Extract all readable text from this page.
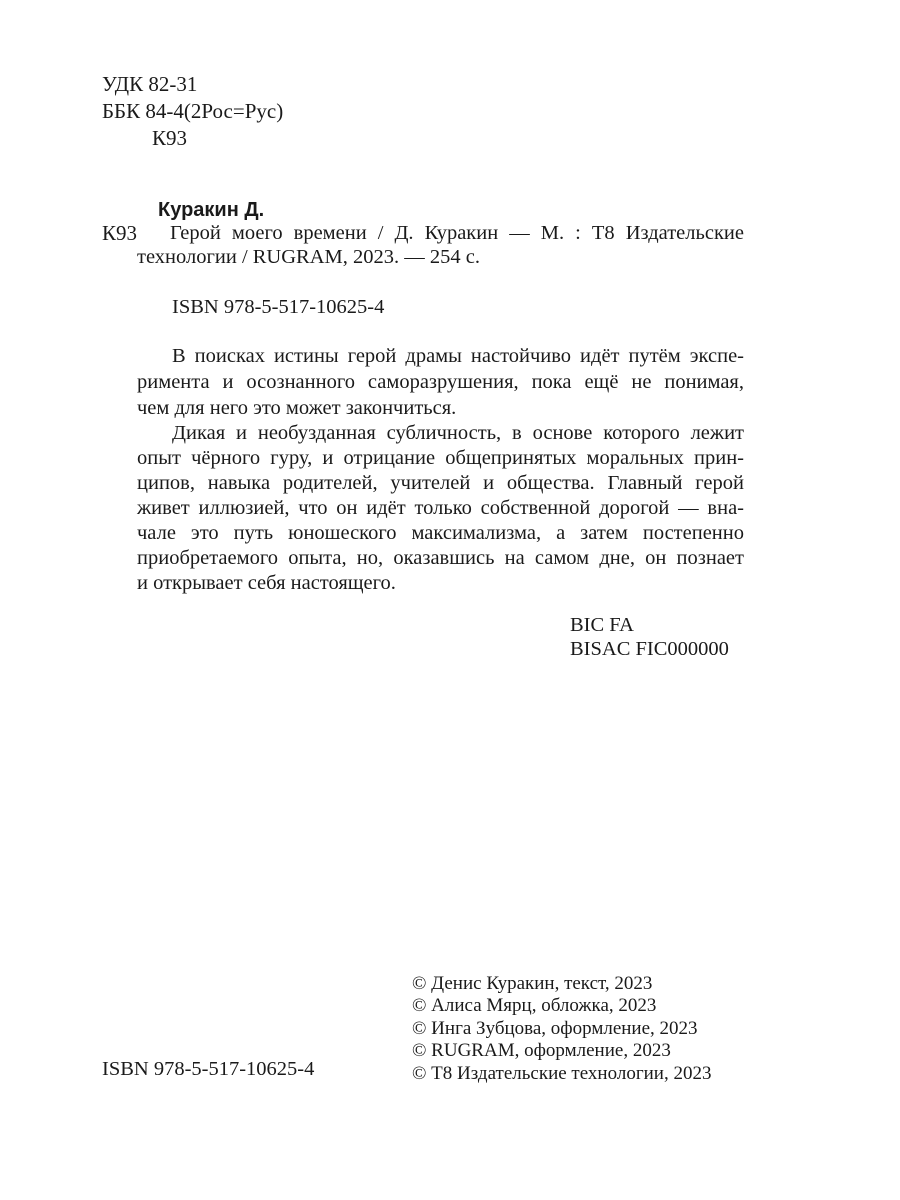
УДК 82-31
ББК 84-4(2Рос=Рус)
К93
Куракин Д.
К93 Герой моего времени / Д. Куракин — М. : Т8 Издательские
технологии / RUGRAM, 2023. — 254 с.
ISBN 978-5-517-10625-4
В поисках истины герой драмы настойчиво идёт путём экспе-
римента и осознанного саморазрушения, пока ещё не понимая,
чем для него это может закончиться.
Дикая и необузданная субличность, в основе которого лежит
опыт чёрного гуру, и отрицание общепринятых моральных прин-
ципов, навыка родителей, учителей и общества. Главный герой
живет иллюзией, что он идёт только собственной дорогой — вна-
чале это путь юношеского максимализма, а затем постепенно
приобретаемого опыта, но, оказавшись на самом дне, он познает
и открывает себя настоящего.
BIC FA
BISAC FIC000000
ISBN 978-5-517-10625-4
© Денис Куракин, текст, 2023
© Алиса Мярц, обложка, 2023
© Инга Зубцова, оформление, 2023
© RUGRAM, оформление, 2023
© Т8 Издательские технологии, 2023
